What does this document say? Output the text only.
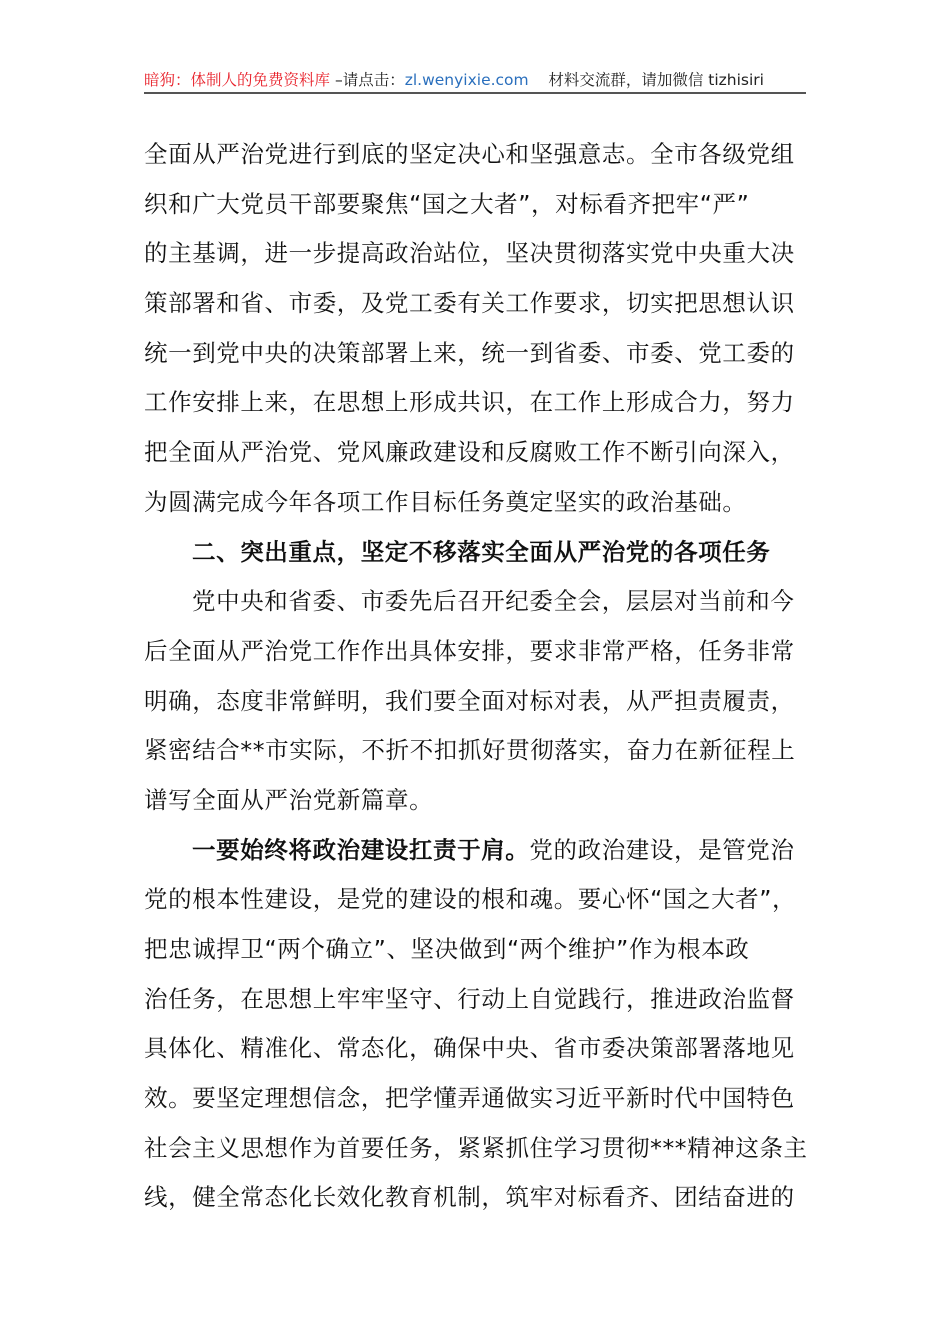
暗狗：体制人的免费资料库 –请点击：zl.wenyixie.com    材料交流群，请加微信 tizhisiri
全面从严治党进行到底的坚定决心和坚强意志。全市各级党组
织和广大党员干部要聚焦“国之大者”，对标看齐把牢“严”
的主基调，进一步提高政治站位，坚决贯彻落实党中央重大决
策部署和省、市委，及党工委有关工作要求，切实把思想认识
统一到党中央的决策部署上来，统一到省委、市委、党工委的
工作安排上来，在思想上形成共识，在工作上形成合力，努力
把全面从严治党、党风廉政建设和反腐败工作不断引向深入，
为圆满完成今年各项工作目标任务奠定坚实的政治基础。
二、突出重点，坚定不移落实全面从严治党的各项任务
党中央和省委、市委先后召开纪委全会，层层对当前和今
后全面从严治党工作作出具体安排，要求非常严格，任务非常
明确，态度非常鲜明，我们要全面对标对表，从严担责履责，
紧密结合**市实际，不折不扣抓好贯彻落实，奋力在新征程上
谱写全面从严治党新篇章。
一要始终将政治建设扛责于肩。党的政治建设，是管党治
党的根本性建设，是党的建设的根和魂。要心怀“国之大者”，
把忠诚捍卫“两个确立”、坚决做到“两个维护”作为根本政
治任务，在思想上牢牢坚守、行动上自觉践行，推进政治监督
具体化、精准化、常态化，确保中央、省市委决策部署落地见
效。要坚定理想信念，把学懂弄通做实习近平新时代中国特色
社会主义思想作为首要任务，紧紧抓住学习贯彻***精神这条主
线，健全常态化长效化教育机制，筑牢对标看齐、团结奋进的
